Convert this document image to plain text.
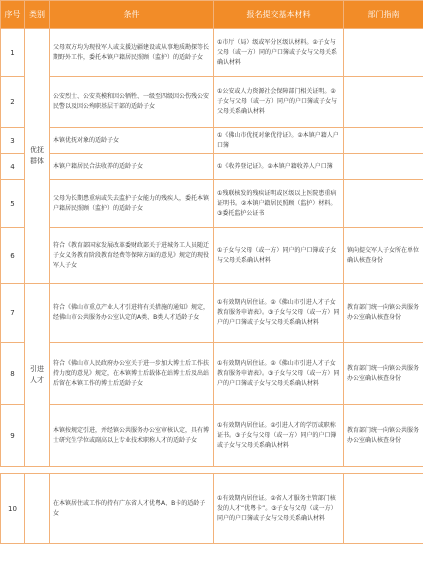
序号	类别	条件	报名提交基本材料	部门指南
1	优抚群体	父母双方均为现役军人或支援边疆建设或从事地质勘探等长期野外工作，委托本镇户籍居民照顾（监护）的适龄子女	①市厅（局）级或军分区级认材料。②子女与父母（或一方）同的户口簿或子女与父母关系确认材料	
2		公安烈士、公安英模和因公牺牲、一级至四级因公伤残公安民警以及因公殉职基层干部的适龄子女	①公安或人力资源社会保障部门相关证明。②子女与父母（或一方）同户的户口簿或子女与父母关系确认材料	
3		本镇优抚对象的适龄子女	①《佛山市优抚对象优待证》。②本镇户籍人户口簿	
4		本镇户籍居民合法收养的适龄子女	①《收养登记证》。②本镇户籍收养人户口簿	
5		父母为长期患重病或失去监护子女能力的残疾人，委托本镇户籍居民照顾（监护）的适龄子女	①残联核发的残疾证明或区级以上医院患重病证明书。②本镇户籍居民照顾（监护）材料。③委托监护公证书	
6		符合《教育部国家发展改革委财政部关于进城务工人员随迁子女义务教育阶段教育经费等保障方面的意见》规定的现役军人子女	①子女与父母（或一方）同户的户口簿或子女与父母关系确认材料	镇向提交军人子女所在单位确认核查身份
7	引进人才	符合《佛山市重点产业人才引进将有关措施的通知》规定，经佛山市公共服务办公室认定的A类、B类人才适龄子女	①有效期内居住证。②《佛山市引进人才子女教育服务申请表》。③子女与父母（或一方）同户的户口簿或子女与父母关系确认材料	教育部门统一向镇公共服务办公室确认核查身份
8		符合《佛山市人民政府办公室关于进一步加大博士后工作扶持力度的意见》规定，在本镇博士后载体在站博士后及出站后留在本镇工作的博士后适龄子女	①有效期内居住证。②《佛山市引进人才子女教育服务申请表》。③子女与父母（或一方）同户的户口簿或子女与父母关系确认材料	教育部门统一向镇公共服务办公室确认核查身份
9		本镇按规定引进，并经镇公共服务办公室审核认定，具有博士研究生学位或副高以上专业技术职称人才的适龄子女	①有效期内居住证。②引进人才的学历或职称证书。③子女与父母（或一方）同户的户口簿或子女与父母关系确认材料	教育部门统一向镇公共服务办公室确认核查身份

10		在本镇居住或工作的持有广东省人才优粤A、B卡的适龄子女	①有效期内居住证。②省人才服务主管部门核发的人才“优粤卡”。③子女与父母（或一方）同户的户口簿或子女与父母关系确认材料	
